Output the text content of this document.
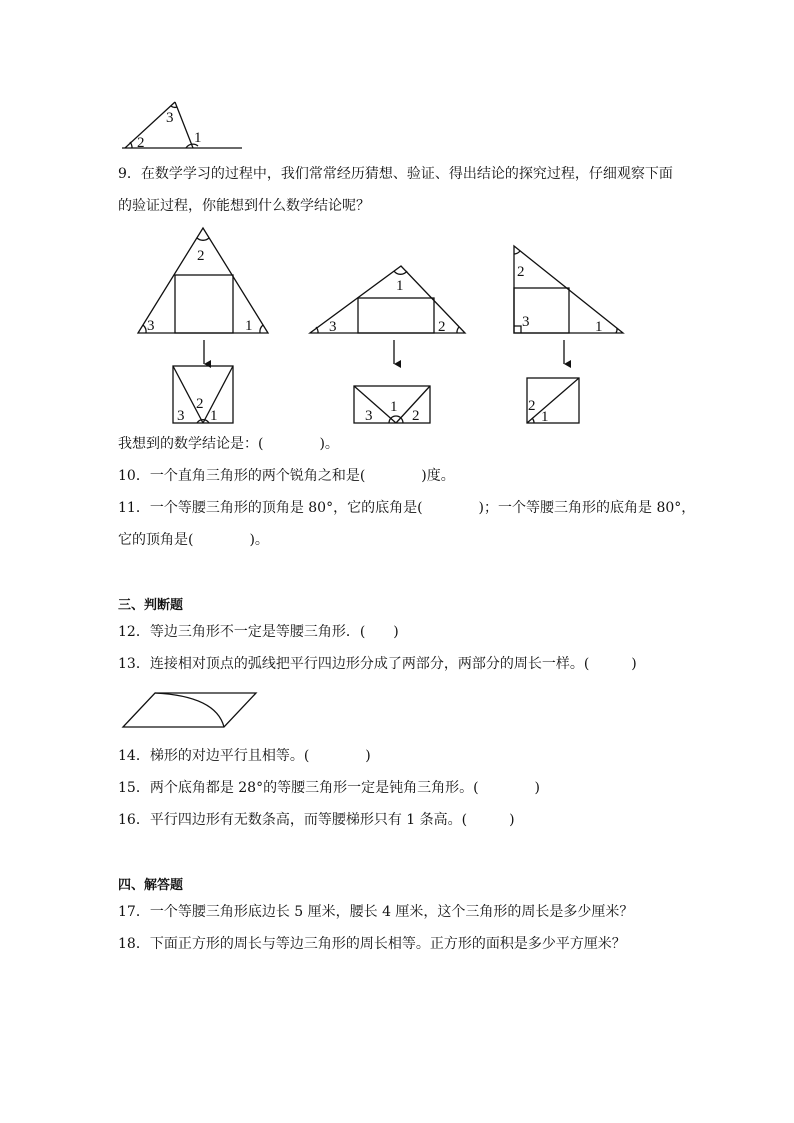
3
2	1
2
3	1
1
3	2
2
3	1
2
3 1
1
3	2
2
1
9．在数学学习的过程中，我们常常经历猜想、验证、得出结论的探究过程，仔细观察下面
的验证过程，你能想到什么数学结论呢？
我想到的数学结论是：(　　　　)。
10．一个直角三角形的两个锐角之和是(　　　　)度。
11．一个等腰三角形的顶角是 80°，它的底角是(　　　　)；一个等腰三角形的底角是 80°，
它的顶角是(　　　　)。
三、判断题
12．等边三角形不一定是等腰三角形．(　　)
13．连接相对顶点的弧线把平行四边形分成了两部分，两部分的周长一样。(　　　)
14．梯形的对边平行且相等。(　　　　)
15．两个底角都是 28°的等腰三角形一定是钝角三角形。(　　　　)
16．平行四边形有无数条高，而等腰梯形只有 1 条高。(　　　)
四、解答题
17．一个等腰三角形底边长 5 厘米，腰长 4 厘米，这个三角形的周长是多少厘米？
18．下面正方形的周长与等边三角形的周长相等。正方形的面积是多少平方厘米？
